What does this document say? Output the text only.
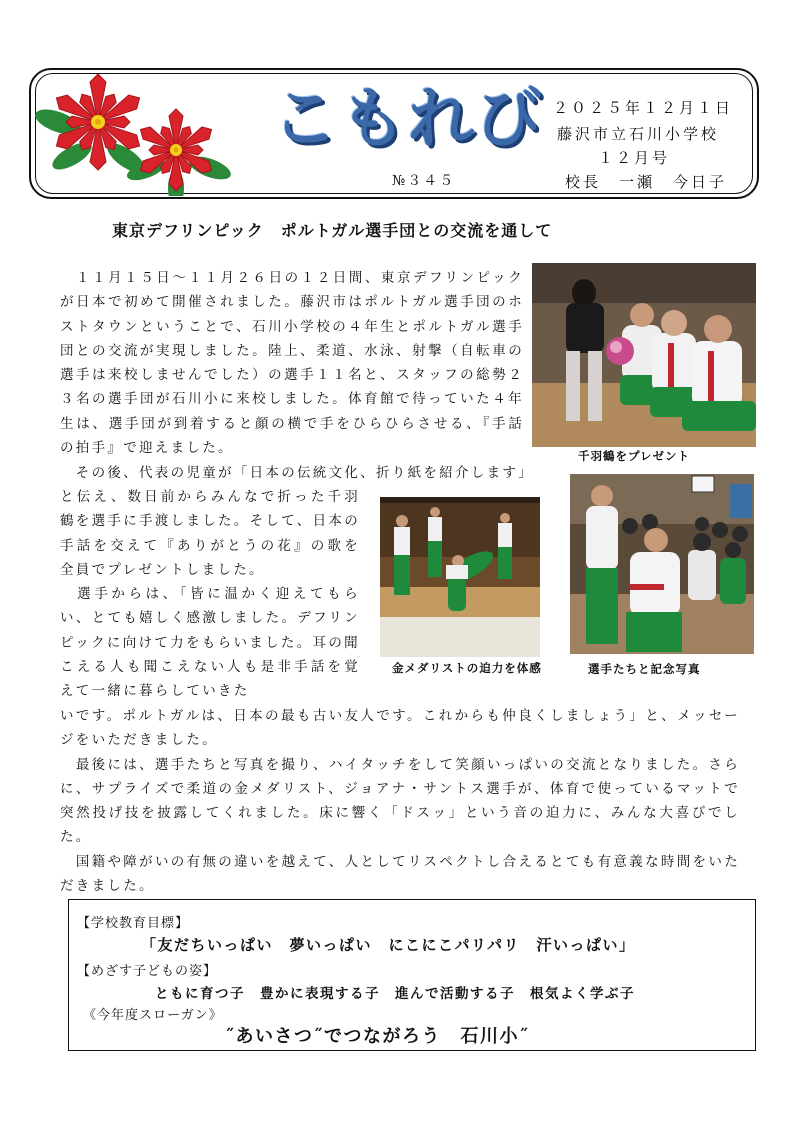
こもれび
№３４５
２０２５年１２月１日
藤沢市立石川小学校
１２月号
校長　一瀬　今日子
東京デフリンピック　ポルトガル選手団との交流を通して
　１１月１５日～１１月２６日の１２日間、東京デフリンピックが日本で初めて開催されました。藤沢市はポルトガル選手団のホストタウンということで、石川小学校の４年生とポルトガル選手団との交流が実現しました。陸上、柔道、水泳、射撃（自転車の選手は来校しませんでした）の選手１１名と、スタッフの総勢２３名の選手団が石川小に来校しました。体育館で待っていた４年生は、選手団が到着すると顔の横で手をひらひらさせる、『手話の拍手』で迎えました。	千羽鶴をプレゼント
　その後、代表の児童が「日本の伝統文化、折り紙を紹介します」
と伝え、数日前からみんなで折った千羽鶴を選手に手渡しました。そして、日本の手話を交えて『ありがとうの花』の歌を全員でプレゼントしました。
　選手からは、「皆に温かく迎えてもらい、とても嬉しく感激しました。デフリンピックに向けて力をもらいました。耳の聞こえる人も聞こえない人も是非手話を覚えて一緒に暮らしていきた
金メダリストの迫力を体感	選手たちと記念写真
いです。ポルトガルは、日本の最も古い友人です。これからも仲良くしましょう」と、メッセージをいただきました。
　最後には、選手たちと写真を撮り、ハイタッチをして笑顔いっぱいの交流となりました。さらに、サプライズで柔道の金メダリスト、ジョアナ・サントス選手が、体育で使っているマットで突然投げ技を披露してくれました。床に響く「ドスッ」という音の迫力に、みんな大喜びでした。
　国籍や障がいの有無の違いを越えて、人としてリスペクトし合えるとても有意義な時間をいただきました。
【学校教育目標】
「友だちいっぱい　夢いっぱい　にこにこパリパリ　汗いっぱい」
【めざす子どもの姿】
ともに育つ子　豊かに表現する子　進んで活動する子　根気よく学ぶ子
《今年度スローガン》
˝あいさつ˝でつながろう　石川小˝
